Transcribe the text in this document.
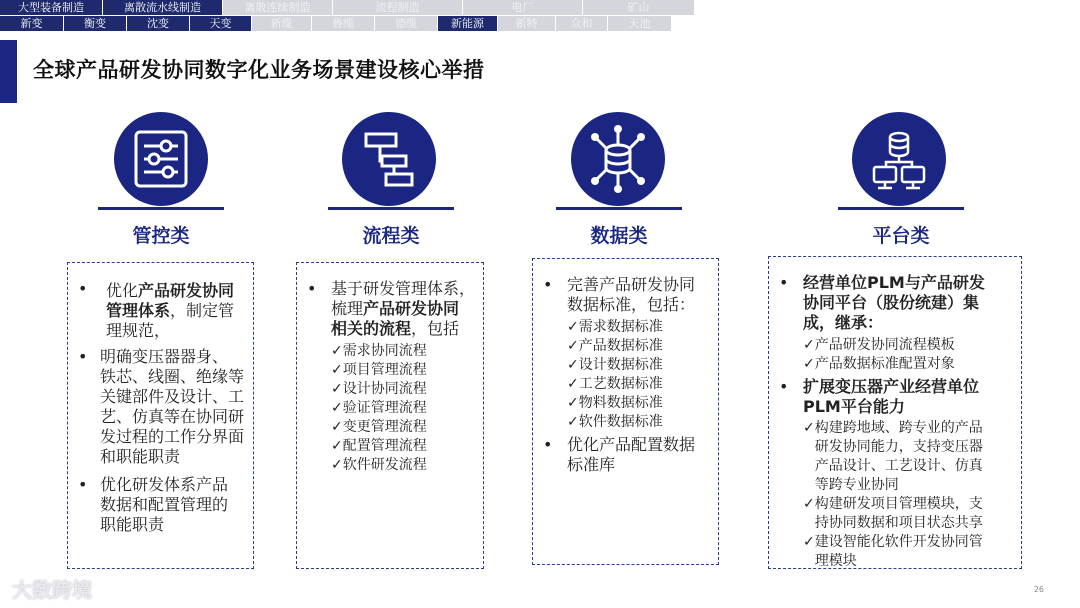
大型装备制造	离散流水线制造	离散连续制造	流程制造	电厂	矿山
新变	衡变	沈变	天变	新缆	鲁缆	德缆	新能源	新特	众和	天池
全球产品研发协同数字化业务场景建设核心举措
管控类
• 优化产品研发协同
管理体系，制定管
理规范，
• 明确变压器器身、
铁芯、线圈、绝缘等
关键部件及设计、工
艺、仿真等在协同研
发过程的工作分界面
和职能职责
• 优化研发体系产品
数据和配置管理的
职能职责
流程类
• 基于研发管理体系，
梳理产品研发协同
相关的流程，包括
✓需求协同流程
✓项目管理流程
✓设计协同流程
✓验证管理流程
✓变更管理流程
✓配置管理流程
✓软件研发流程
数据类
• 完善产品研发协同
数据标准，包括：
✓需求数据标准
✓产品数据标准
✓设计数据标准
✓工艺数据标准
✓物料数据标准
✓软件数据标准
• 优化产品配置数据
标准库
平台类
• 经营单位PLM与产品研发
协同平台（股份统建）集
成，继承：
✓产品研发协同流程模板
✓产品数据标准配置对象
• 扩展变压器产业经营单位
PLM平台能力
✓ 构建跨地域、跨专业的产品
研发协同能力，支持变压器
产品设计、工艺设计、仿真
等跨专业协同
✓ 构建研发项目管理模块，支
持协同数据和项目状态共享
✓ 建设智能化软件开发协同管
理模块
大数跨境	26
